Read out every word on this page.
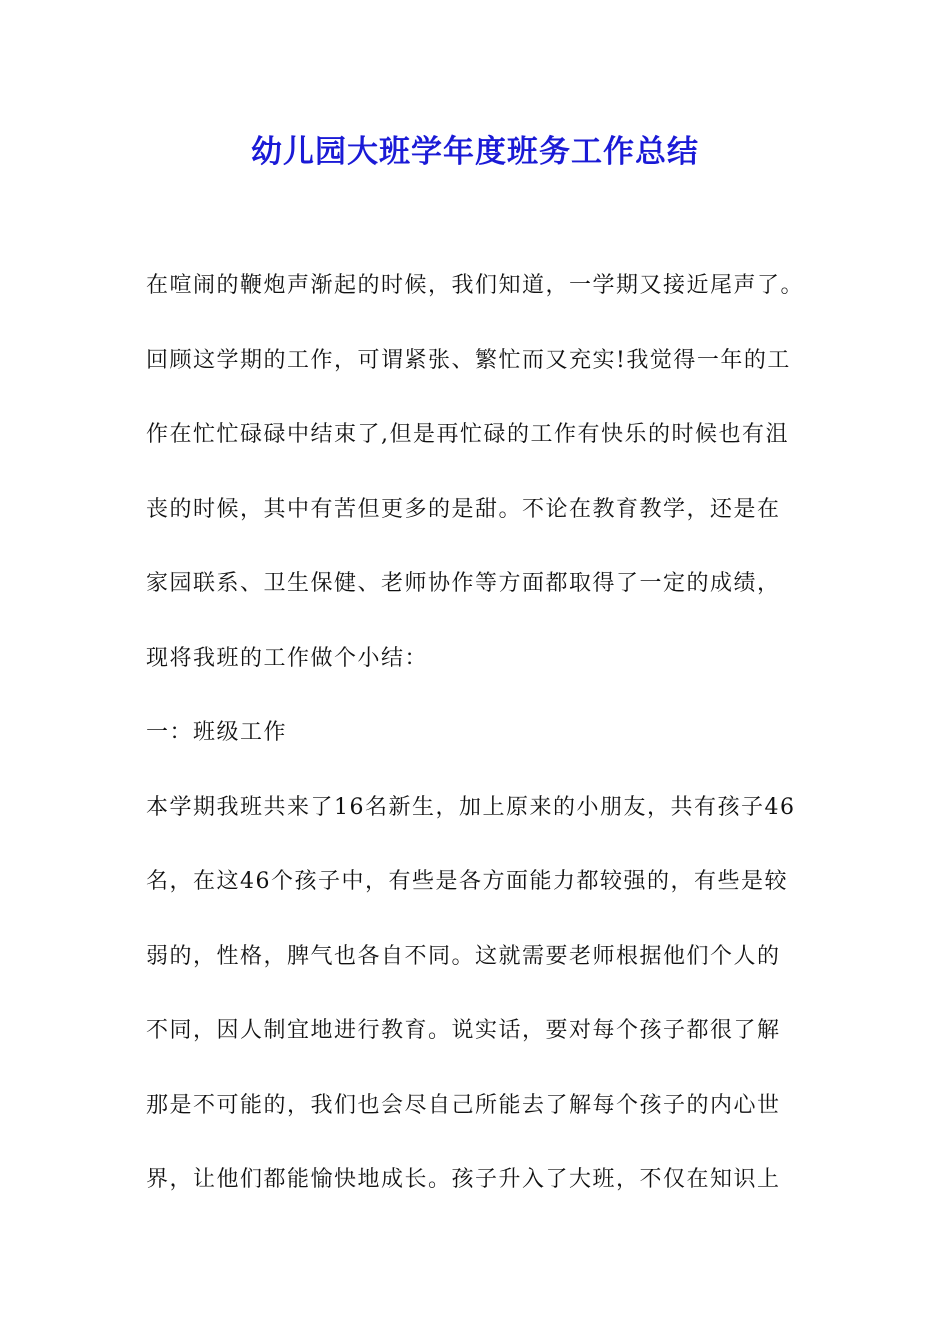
幼儿园大班学年度班务工作总结
在喧闹的鞭炮声渐起的时候，我们知道，一学期又接近尾声了。
回顾这学期的工作，可谓紧张、繁忙而又充实!我觉得一年的工
作在忙忙碌碌中结束了,但是再忙碌的工作有快乐的时候也有沮
丧的时候，其中有苦但更多的是甜。不论在教育教学，还是在
家园联系、卫生保健、老师协作等方面都取得了一定的成绩，
现将我班的工作做个小结：
一：班级工作
本学期我班共来了16名新生，加上原来的小朋友，共有孩子46
名，在这46个孩子中，有些是各方面能力都较强的，有些是较
弱的，性格，脾气也各自不同。这就需要老师根据他们个人的
不同，因人制宜地进行教育。说实话，要对每个孩子都很了解
那是不可能的，我们也会尽自己所能去了解每个孩子的内心世
界，让他们都能愉快地成长。孩子升入了大班，不仅在知识上
